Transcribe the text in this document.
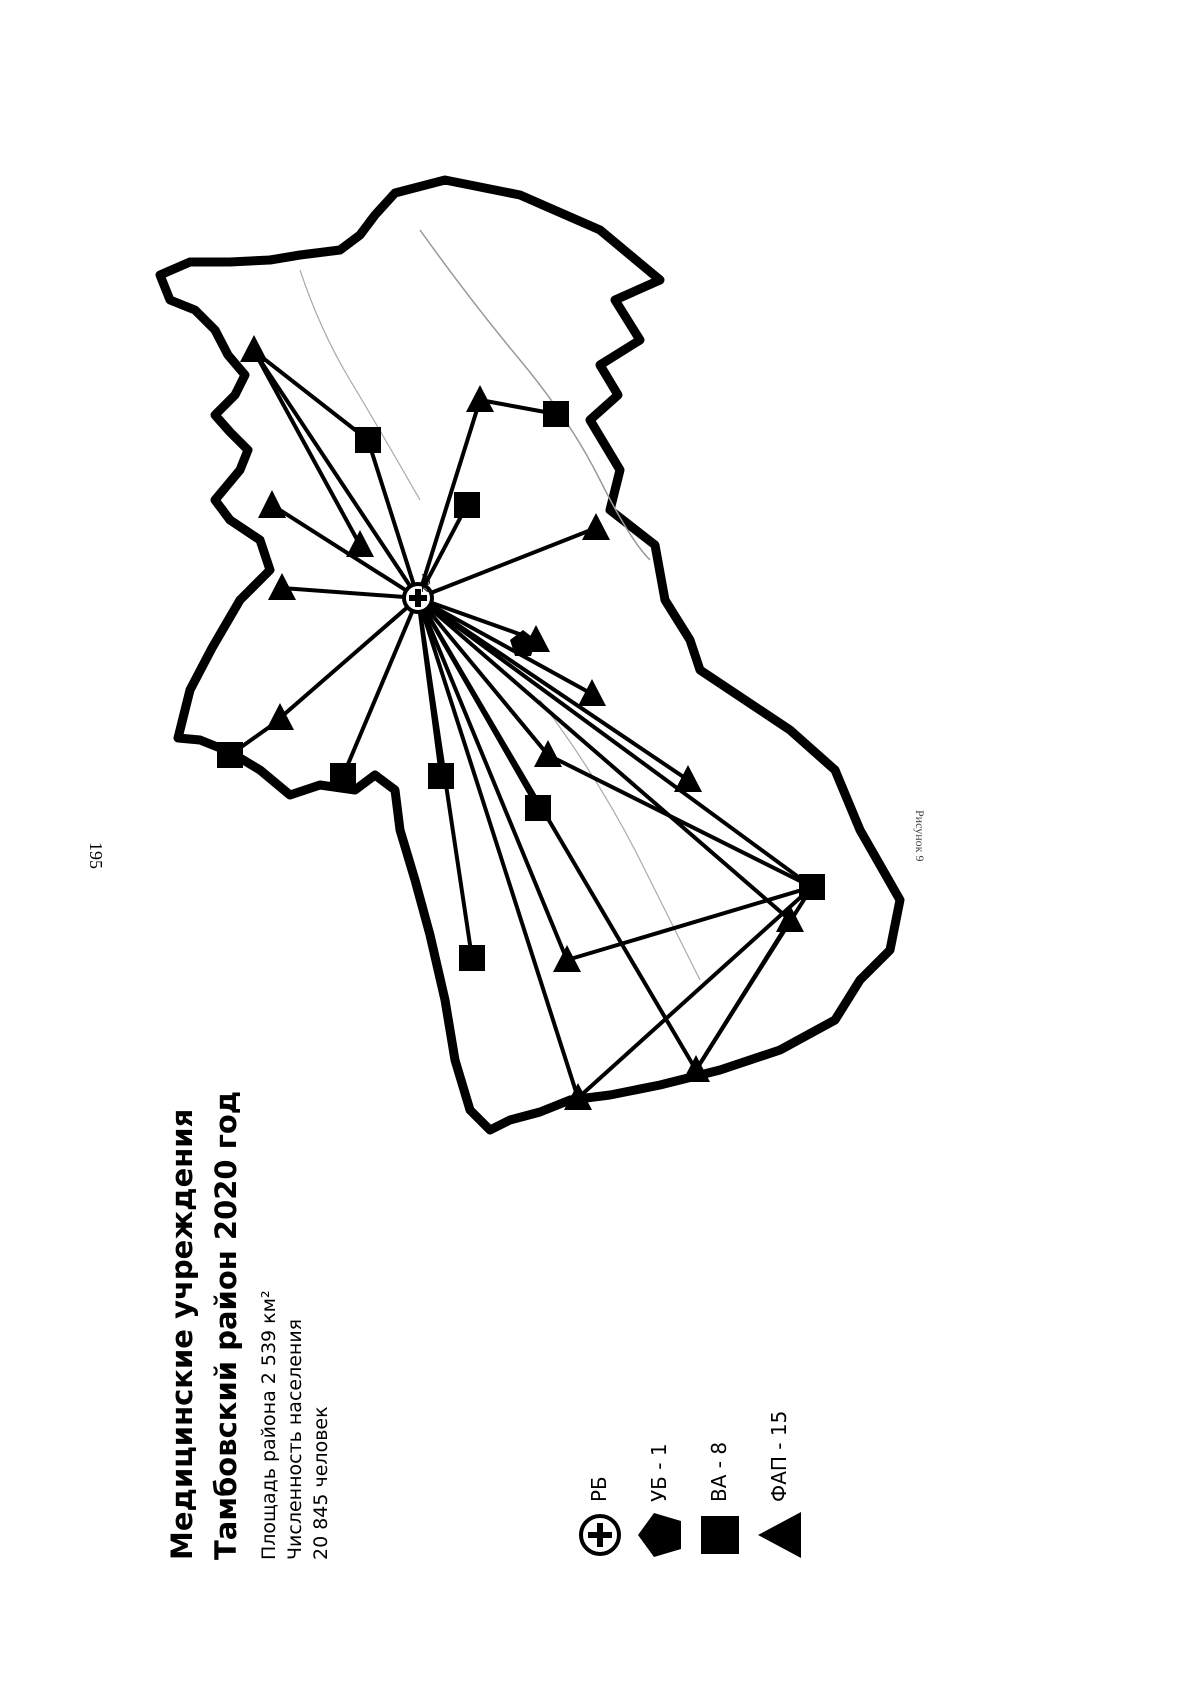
195
722
Рисунок 9
Медицинские учреждения Тамбовский район 2020 год Площадь района 2 539 км² Численность населения 20 845 человек	РБ УБ - 1 ВА - 8 ФАП - 15
